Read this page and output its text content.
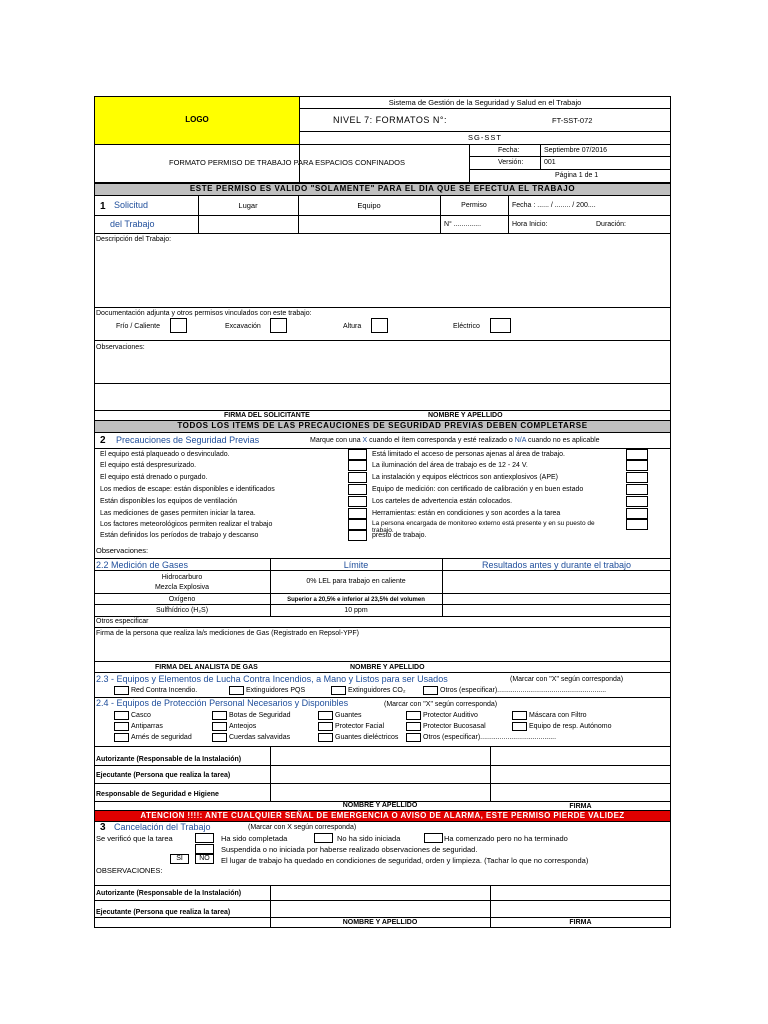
LOGO
Sistema de Gestión de la Seguridad y Salud en el Trabajo
NIVEL 7: FORMATOS N°:	FT-SST-072
SG-SST
FORMATO PERMISO DE TRABAJO PARA ESPACIOS CONFINADOS
Fecha:	Septiembre 07/2016
Versión:	001
Página 1 de 1
ESTE PERMISO ES VALIDO "SOLAMENTE" PARA EL DIA QUE SE EFECTUA EL TRABAJO
1 Solicitud
del Trabajo
Lugar	Equipo	Permiso	Fecha : ...... / ........ / 200....
N° ..............	Hora Inicio:	Duración:
Descripción del Trabajo:
Documentación adjunta y otros permisos vinculados con este trabajo:
Frío / Caliente	Excavación	Altura	Eléctrico
Observaciones:
FIRMA DEL SOLICITANTE	NOMBRE Y APELLIDO
TODOS LOS ITEMS DE LAS PRECAUCIONES DE SEGURIDAD PREVIAS DEBEN COMPLETARSE
2 Precauciones de Seguridad Previas	Marque con una X cuando el ítem corresponda y esté realizado o N/A cuando no es aplicable
El equipo está plaqueado o desvinculado.
El equipo está despresurizado.
El equipo está drenado o purgado.
Los medios de escape: están disponibles e identificados
Están disponibles los equipos de ventilación
Las mediciones de gases permiten iniciar la tarea.
Los factores meteorológicos permiten realizar el trabajo
Están definidos los períodos de trabajo y descanso
Está limitado el acceso de personas ajenas al área de trabajo.
La iluminación del área de trabajo es de 12 - 24 V.
La instalación y equipos eléctricos son antiexplosivos (APE)
Equipo de medición: con certificado de calibración y en buen estado
Los carteles de advertencia están colocados.
Herramientas: están en condiciones y son acordes a la tarea
La persona encargada de monitoreo externo está presente y en su puesto de trabajo.
presto de trabajo.
Observaciones:
2.2 Medición de Gases	Límite	Resultados antes y durante el trabajo
Hidrocarburo
Mezcla Explosiva
0% LEL para trabajo en caliente
Oxígeno	Superior a 20,5% e inferior al 23,5% del volumen
Sulfhídrico (H₂S)	10 ppm
Otros especificar
Firma de la persona que realiza la/s mediciones de Gas (Registrado en Repsol-YPF)
FIRMA DEL ANALISTA DE GAS	NOMBRE Y APELLIDO
2.3 - Equipos y Elementos de Lucha Contra Incendios, a Mano y Listos para ser Usados	(Marcar con "X" según corresponda)
Red Contra Incendio.	Extinguidores PQS	Extinguidores CO₂	Otros (especificar)........................................................
2.4 - Equipos de Protección Personal Necesarios y Disponibles	(Marcar con "X" según corresponda)
Casco	Botas de Seguridad	Guantes	Protector Auditivo	Máscara con Filtro
Antiparras	Anteojos	Protector Facial	Protector Bucosasal	Equipo de resp. Autónomo
Arnés de seguridad	Cuerdas salvavidas	Guantes dieléctricos	Otros (especificar).......................................
Autorizante (Responsable de la Instalación)
Ejecutante (Persona que realiza la tarea)
Responsable de Seguridad e Higiene
NOMBRE Y APELLIDO	FIRMA
ATENCION !!!!: ANTE CUALQUIER SEÑAL DE EMERGENCIA O AVISO DE ALARMA, ESTE PERMISO PIERDE VALIDEZ
3 Cancelación del Trabajo	(Marcar con X según corresponda)
Se verificó que la tarea	Ha sido completada	No ha sido iniciada	Ha comenzado pero no ha terminado
Suspendida o no iniciada por haberse realizado observaciones de seguridad.
SI	NO	El lugar de trabajo ha quedado en condiciones de seguridad, orden y limpieza. (Tachar lo que no corresponda)
OBSERVACIONES:
Autorizante (Responsable de la Instalación)
Ejecutante (Persona que realiza la tarea)
NOMBRE Y APELLIDO	FIRMA
